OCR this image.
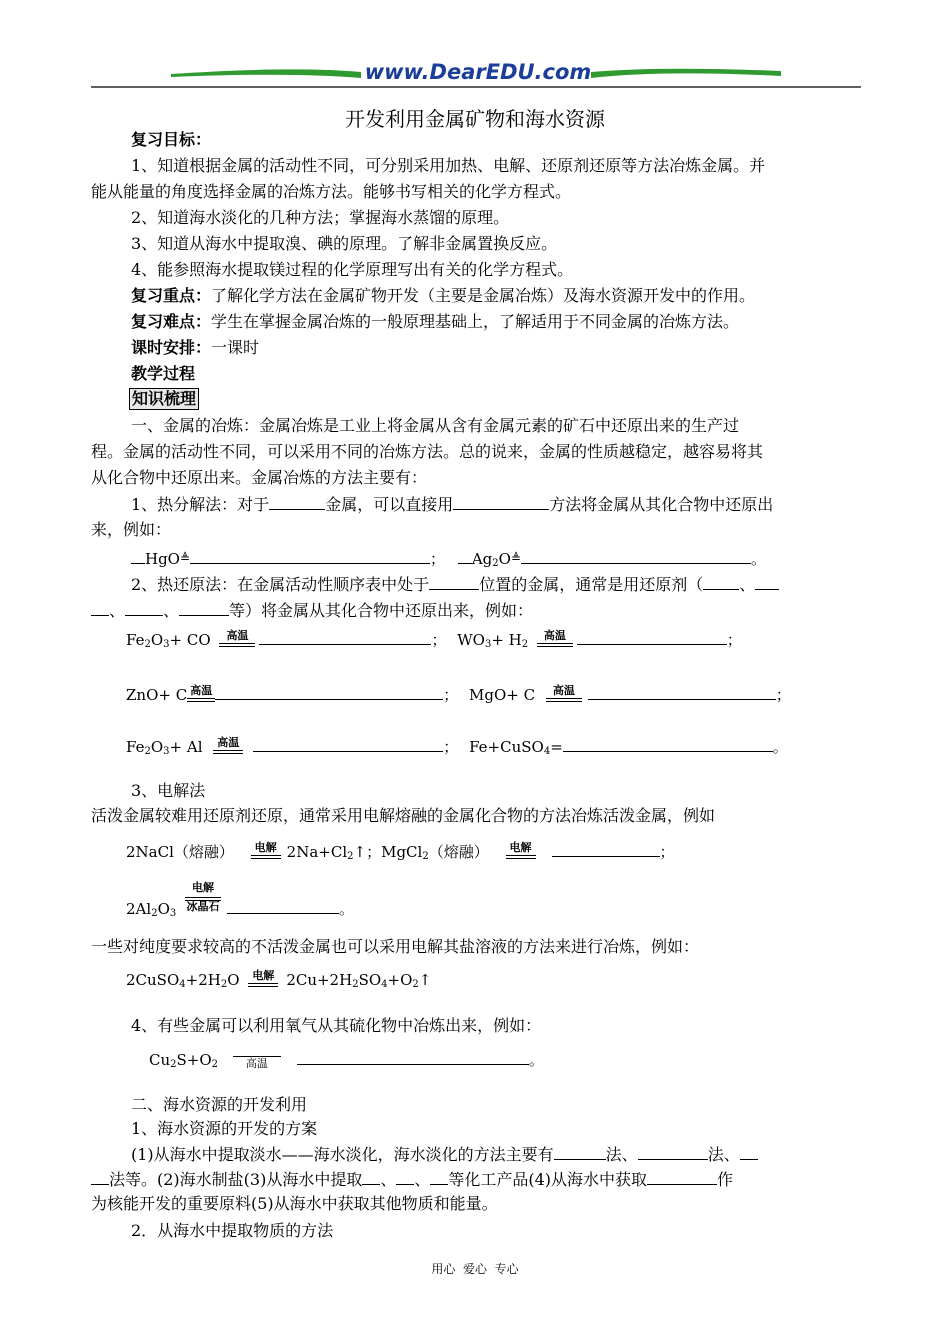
www.DearEDU.com
开发利用金属矿物和海水资源
复习目标：
1、知道根据金属的活动性不同，可分别采用加热、电解、还原剂还原等方法冶炼金属。并
能从能量的角度选择金属的冶炼方法。能够书写相关的化学方程式。
2、知道海水淡化的几种方法；掌握海水蒸馏的原理。
3、知道从海水中提取溴、碘的原理。了解非金属置换反应。
4、能参照海水提取镁过程的化学原理写出有关的化学方程式。
复习重点：了解化学方法在金属矿物开发（主要是金属冶炼）及海水资源开发中的作用。
复习难点：学生在掌握金属冶炼的一般原理基础上，了解适用于不同金属的冶炼方法。
课时安排：一课时
教学过程
知识梳理
一、金属的冶炼：金属冶炼是工业上将金属从含有金属元素的矿石中还原出来的生产过
程。金属的活动性不同，可以采用不同的冶炼方法。总的说来，金属的性质越稳定，越容易将其
从化合物中还原出来。金属冶炼的方法主要有：
1、热分解法：对于	金属，可以直接用	方法将金属从其化合物中还原出
来，例如：
HgO≜	； $Ag_2O≜$	。
2、热还原法：在金属活动性顺序表中处于	位置的金属，通常是用还原剂（ 、
、 、	等）将金属从其化合物中还原出来，例如：
$Fe_2O_3+$ CO 高温	； $WO_3+ H_2$ 高温	；
ZnO+ C 高温	； MgO+ C 高温	；
$Fe_2O_3+ Al$ 高温	； Fe+CuSO$_4$=	。
3、电解法
活泼金属较难用还原剂还原，通常采用电解熔融的金属化合物的方法冶炼活泼金属，例如
2NaCl（熔融） 电解 $2Na+Cl_2↑$；MgCl$_2$（熔融） 电解	；
$2Al_2O_3$
电解
冰晶石	。
一些对纯度要求较高的不活泼金属也可以采用电解其盐溶液的方法来进行冶炼，例如：
$2CuSO_4+2H_2O$ 电解 $2Cu+2H_2SO_4+O_2↑$
4、有些金属可以利用氧气从其硫化物中冶炼出来，例如：
$Cu_2S+O_2$	高温	。
二、海水资源的开发利用
1、海水资源的开发的方案
(1)从海水中提取淡水——海水淡化，海水淡化的方法主要有	法、	法、
法等。(2)海水制盐(3)从海水中提取 、 、 等化工产品(4)从海水中获取	作
为核能开发的重要原料(5)从海水中获取其他物质和能量。
2．从海水中提取物质的方法
用心  爱心  专心
